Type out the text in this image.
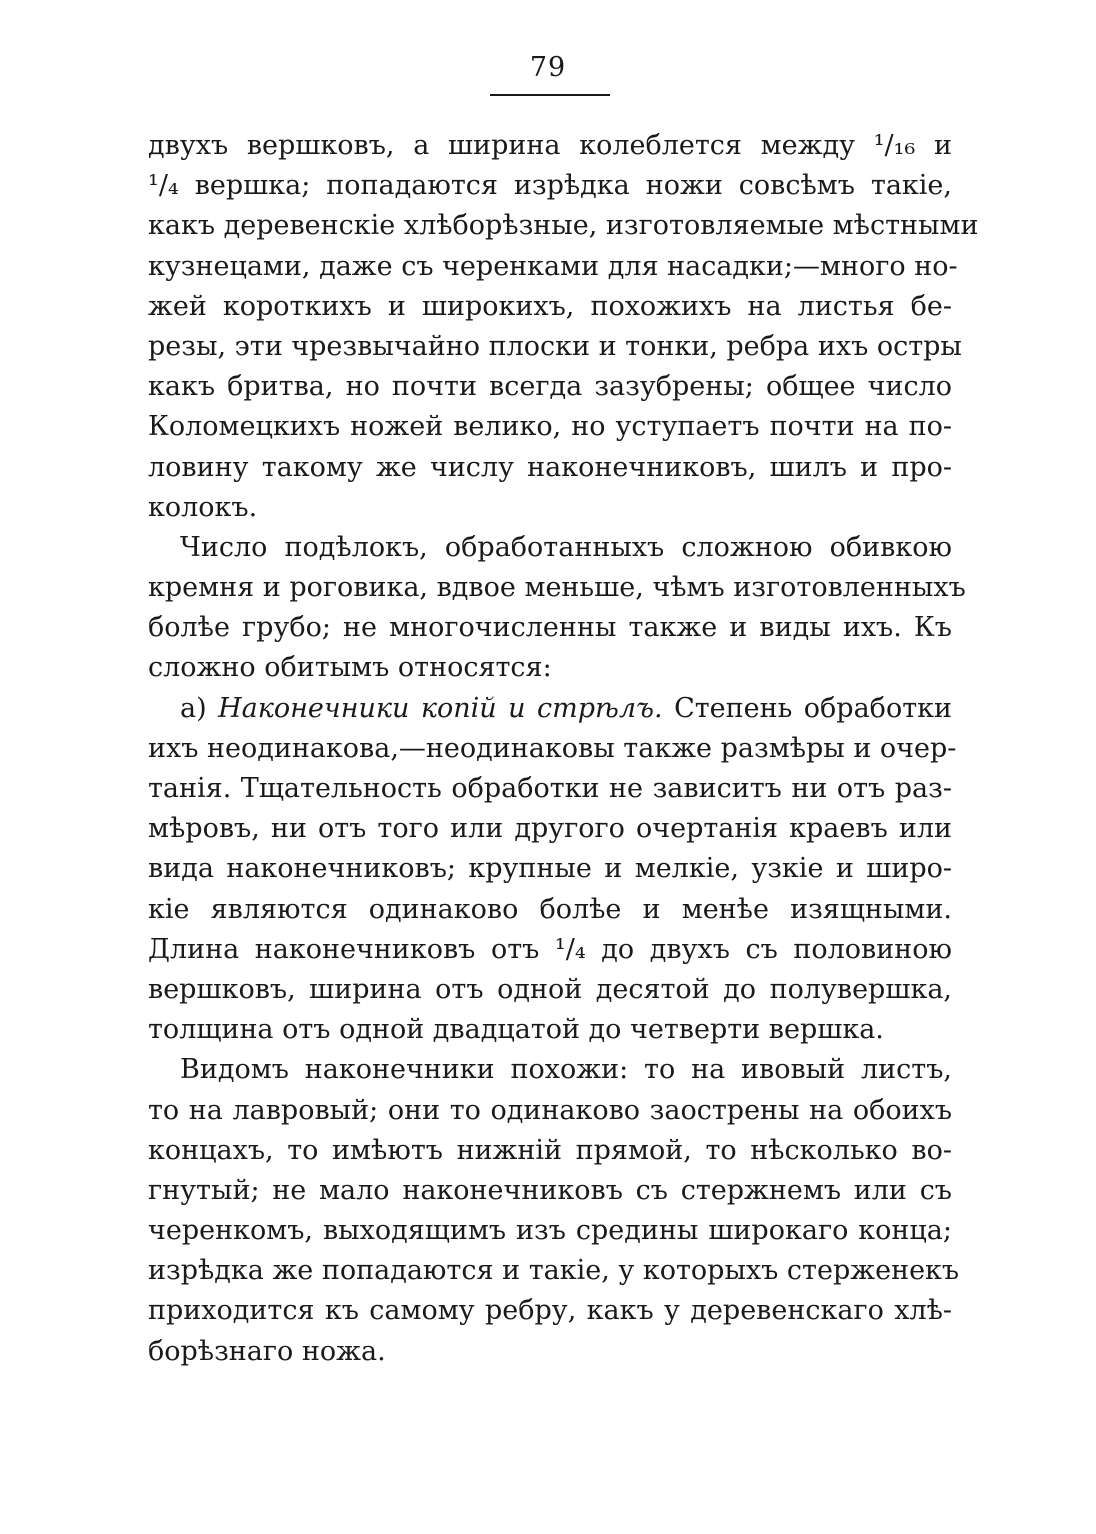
79
двухъ вершковъ, а ширина колеблется между ¹/₁₆ и
¹/₄ вершка; попадаются изрѣдка ножи совсѣмъ такіе,
какъ деревенскіе хлѣборѣзные, изготовляемые мѣстными
кузнецами, даже съ черенками для насадки;—много но-
жей короткихъ и широкихъ, похожихъ на листья бе-
резы, эти чрезвычайно плоски и тонки, ребра ихъ остры
какъ бритва, но почти всегда зазубрены; общее число
Коломецкихъ ножей велико, но уступаетъ почти на по-
ловину такому же числу наконечниковъ, шилъ и про-
колокъ.
Число подѣлокъ, обработанныхъ сложною обивкою
кремня и роговика, вдвое меньше, чѣмъ изготовленныхъ
болѣе грубо; не многочисленны также и виды ихъ. Къ
сложно обитымъ относятся:
а) Наконечники копій и стрѣлъ. Степень обработки
ихъ неодинакова,—неодинаковы также размѣры и очер-
танія. Тщательность обработки не зависитъ ни отъ раз-
мѣровъ, ни отъ того или другого очертанія краевъ или
вида наконечниковъ; крупные и мелкіе, узкіе и широ-
кіе являются одинаково болѣе и менѣе изящными.
Длина наконечниковъ отъ ¹/₄ до двухъ съ половиною
вершковъ, ширина отъ одной десятой до полувершка,
толщина отъ одной двадцатой до четверти вершка.
Видомъ наконечники похожи: то на ивовый листъ,
то на лавровый; они то одинаково заострены на обоихъ
концахъ, то имѣютъ нижній прямой, то нѣсколько во-
гнутый; не мало наконечниковъ съ стержнемъ или съ
черенкомъ, выходящимъ изъ средины широкаго конца;
изрѣдка же попадаются и такіе, у которыхъ стерженекъ
приходится къ самому ребру, какъ у деревенскаго хлѣ-
борѣзнаго ножа.
